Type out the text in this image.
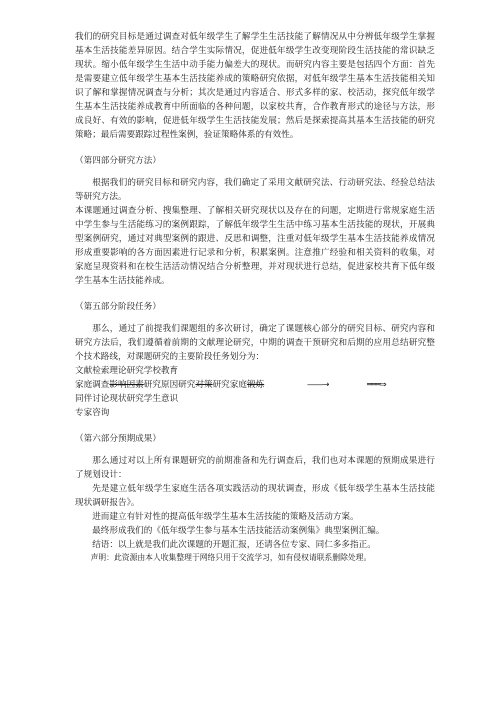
我们的研究目标是通过调查对低年级学生了解学生生活技能了解情况从中分辨低年级学生掌握基本生活技能差异原因。结合学生实际情况，促进低年级学生改变现阶段生活技能的常识缺乏现状。缩小低年级学生生活中动手能力偏差大的现状。而研究内容主要是包括四个方面：首先是需要建立低年级学生基本生活技能养成的策略研究依据，对低年级学生基本生活技能相关知识了解和掌握情况调查与分析；其次是通过内容适合、形式多样的家、校活动，探究低年级学生基本生活技能养成教育中所面临的各种问题，以家校共育，合作教育形式的途径与方法，形成良好、有效的影响，促进低年级学生生活技能发展；然后是探索提高其基本生活技能的研究策略；最后需要跟踪过程性案例，验证策略体系的有效性。

（第四部分研究方法）

根据我们的研究目标和研究内容，我们确定了采用文献研究法、行动研究法、经验总结法等研究方法。

本课题通过调查分析、搜集整理、了解相关研究现状以及存在的问题，定期进行常规家庭生活中学生参与生活能练习的案例跟踪，了解低年级学生生活中练习基本生活技能的现状，开展典型案例研究，通过对典型案例的跟进、反思和调整，注重对低年级学生基本生活技能养成情况形成重要影响的各方面因素进行记录和分析，积累案例。注意推广经验和相关资料的收集，对家庭呈现资料和在校生活活动情况结合分析整理，并对现状进行总结，促进家校共育下低年级学生基本生活技能养成。

（第五部分阶段任务）

那么，通过了前提我们课题组的多次研讨，确定了课题核心部分的研究目标、研究内容和研究方法后，我们遵循着前期的文献理论研究，中期的调查干预研究和后期的应用总结研究整个技术路线，对课题研究的主要阶段任务划分为：

文献检索理论研究学校教育

家庭调查影响因素研究原因研究对策研究家庭锻炼	——→	═══⇒

同伴讨论现状研究学生意识

专家咨询

（第六部分预期成果）

那么通过对以上所有课题研究的前期准备和先行调查后，我们也对本课题的预期成果进行了规划设计：

先是建立低年级学生家庭生活各项实践活动的现状调查，形成《低年级学生基本生活技能现状调研报告》。

进而建立有针对性的提高低年级学生基本生活技能的策略及活动方案。

最终形成我们的《低年级学生参与基本生活技能活动案例集》典型案例汇编。

结语：以上就是我们此次课题的开题汇报，还请各位专家、同仁多多指正。

声明：此资源由本人收集整理于网络只用于交流学习，如有侵权请联系删除处理。
